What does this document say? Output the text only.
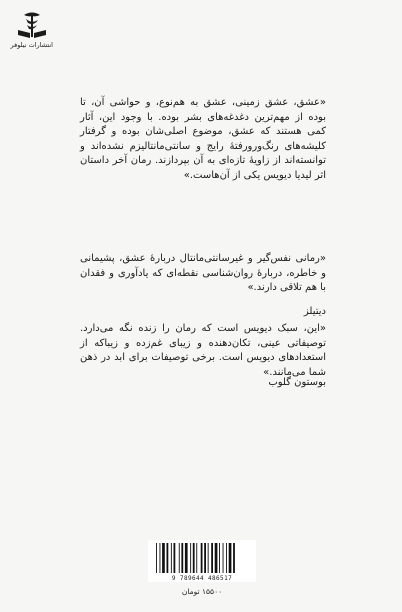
انتشارات نیلوفر

«عشق، عشق زمینی، عشق به هم‌نوع، و حواشی آن، تا بوده از مهم‌ترین دغدغه‌های بشر بوده. با وجود این، آثار کمی هستند که عشق، موضوع اصلی‌شان بوده و گرفتار کلیشه‌های رنگ‌ورورفتهٔ رایج و سانتی‌مانتالیزم نشده‌اند و توانسته‌اند از زاویهٔ تازه‌ای به آن بپردازند. رمان آخر داستان اثر لیدیا دیویس یکی از آن‌هاست.»

«رمانی نفس‌گیر و غیرسانتی‌مانتال دربارهٔ عشق، پشیمانی و خاطره، دربارهٔ روان‌شناسی نقطه‌ای که یادآوری و فقدان با هم تلاقی دارند.»

دیتیلز

«این، سبک دیویس است که رمان را زنده نگه می‌دارد. توصیفاتی عینی، تکان‌دهنده و زیبای غم‌زده و زیباکه از استعدادهای دیویس است. برخی توصیفات برای ابد در ذهن شما می‌مانند.»

بوستون گلوب
9 789644 486517
۱۵۵۰۰ تومان
